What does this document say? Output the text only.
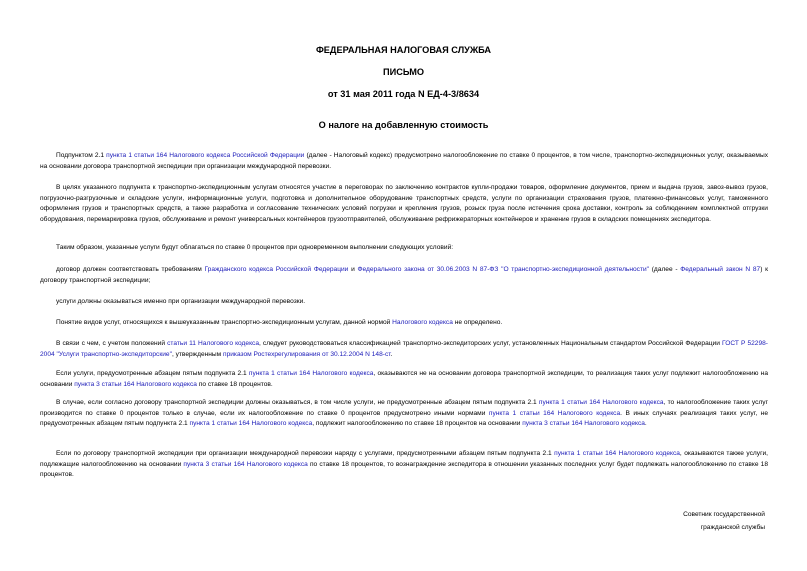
ФЕДЕРАЛЬНАЯ НАЛОГОВАЯ СЛУЖБА
ПИСЬМО
от 31 мая 2011 года N ЕД-4-3/8634
О налоге на добавленную стоимость
Подпунктом 2.1 пункта 1 статьи 164 Налогового кодекса Российской Федерации (далее - Налоговый кодекс) предусмотрено налогообложение по ставке 0 процентов, в том числе, транспортно-экспедиционных услуг, оказываемых на основании договора транспортной экспедиции при организации международной перевозки.
В целях указанного подпункта к транспортно-экспедиционным услугам относятся участие в переговорах по заключению контрактов купли-продажи товаров, оформление документов, прием и выдача грузов, завоз-вывоз грузов, погрузочно-разгрузочные и складские услуги, информационные услуги, подготовка и дополнительное оборудование транспортных средств, услуги по организации страхования грузов, платежно-финансовых услуг, таможенного оформления грузов и транспортных средств, а также разработка и согласование технических условий погрузки и крепления грузов, розыск груза после истечения срока доставки, контроль за соблюдением комплектной отгрузки оборудования, перемаркировка грузов, обслуживание и ремонт универсальных контейнеров грузоотправителей, обслуживание рефрижераторных контейнеров и хранение грузов в складских помещениях экспедитора.
Таким образом, указанные услуги будут облагаться по ставке 0 процентов при одновременном выполнении следующих условий:
договор должен соответствовать требованиям Гражданского кодекса Российской Федерации и Федерального закона от 30.06.2003 N 87-ФЗ "О транспортно-экспедиционной деятельности" (далее - Федеральный закон N 87) к договору транспортной экспедиции;
услуги должны оказываться именно при организации международной перевозки.
Понятие видов услуг, относящихся к вышеуказанным транспортно-экспедиционным услугам, данной нормой Налогового кодекса не определено.
В связи с чем, с учетом положений статьи 11 Налогового кодекса, следует руководствоваться классификацией транспортно-экспедиторских услуг, установленных Национальным стандартом Российской Федерации ГОСТ Р 52298-2004 "Услуги транспортно-экспедиторские", утвержденным приказом Ростехрегулирования от 30.12.2004 N 148-ст.
Если услуги, предусмотренные абзацем пятым подпункта 2.1 пункта 1 статьи 164 Налогового кодекса, оказываются не на основании договора транспортной экспедиции, то реализация таких услуг подлежит налогообложению на основании пункта 3 статьи 164 Налогового кодекса по ставке 18 процентов.
В случае, если согласно договору транспортной экспедиции должны оказываться, в том числе услуги, не предусмотренные абзацем пятым подпункта 2.1 пункта 1 статьи 164 Налогового кодекса, то налогообложение таких услуг производится по ставке 0 процентов только в случае, если их налогообложение по ставке 0 процентов предусмотрено иными нормами пункта 1 статьи 164 Налогового кодекса. В иных случаях реализация таких услуг, не предусмотренных абзацем пятым подпункта 2.1 пункта 1 статьи 164 Налогового кодекса, подлежит налогообложению по ставке 18 процентов на основании пункта 3 статьи 164 Налогового кодекса.
Если по договору транспортной экспедиции при организации международной перевозки наряду с услугами, предусмотренными абзацем пятым подпункта 2.1 пункта 1 статьи 164 Налогового кодекса, оказываются также услуги, подлежащие налогообложению на основании пункта 3 статьи 164 Налогового кодекса по ставке 18 процентов, то вознаграждение экспедитора в отношении указанных последних услуг будет подлежать налогообложению по ставке 18 процентов.
Советник государственной
гражданской службы
